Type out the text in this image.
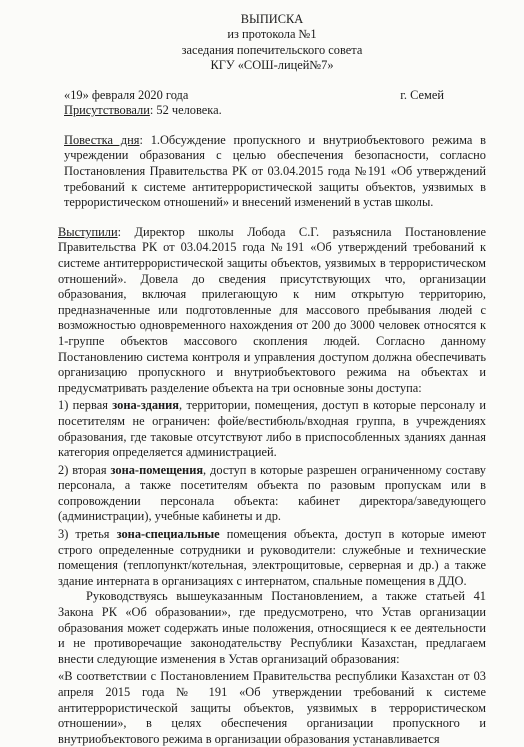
ВЫПИСКА
из протокола №1
заседания попечительского совета
КГУ «СОШ-лицей№7»
«19» февраля 2020 года	г. Семей
Присутствовали: 52 человека.
Повестка дня: 1.Обсуждение пропускного и внутриобъектового режима в учреждении образования с целью обеспечения безопасности, согласно Постановления Правительства РК от 03.04.2015 года №191 «Об утверждений требований к системе антитеррористической защиты объектов, уязвимых в террористическом отношений» и внесений изменений в устав школы.

Выступили: Директор школы Лобода С.Г. разъяснила Постановление Правительства РК от 03.04.2015 года №191 «Об утверждений требований к системе антитеррористической защиты объектов, уязвимых в террористическом отношений». Довела до сведения присутствующих что, организации образования, включая прилегающую к ним открытую территорию, предназначенные или подготовленные для массового пребывания людей с возможностью одновременного нахождения от 200 до 3000 человек относятся к 1-группе объектов массового скопления людей. Согласно данному Постановлению система контроля и управления доступом должна обеспечивать организацию пропускного и внутриобъектового режима на объектах и предусматривать разделение объекта на три основные зоны доступа:

1) первая зона-здания, территории, помещения, доступ в которые персоналу и посетителям не ограничен: фойе/вестибюль/входная группа, в учреждениях образования, где таковые отсутствуют либо в приспособленных зданиях данная категория определяется администрацией.

2) вторая зона-помещения, доступ в которые разрешен ограниченному составу персонала, а также посетителям объекта по разовым пропускам или в сопровождении персонала объекта: кабинет директора/заведующего (администрации), учебные кабинеты и др.

3) третья зона-специальные помещения объекта, доступ в которые имеют строго определенные сотрудники и руководители: служебные и технические помещения (теплопункт/котельная, электрощитовые, серверная и др.) а также здание интерната в организациях с интернатом, спальные помещения в ДДО.

Руководствуясь вышеуказанным Постановлением, а также статьей 41 Закона РК «Об образовании», где предусмотрено, что Устав организации образования может содержать иные положения, относящиеся к ее деятельности и не противоречащие законодательству Республики Казахстан, предлагаем внести следующие изменения в Устав организаций образования:

«В соответствии с Постановлением Правительства республики Казахстан от 03 апреля 2015 года № 191 «Об утверждении требований к системе антитеррористической защиты объектов, уязвимых в террористическом отношении», в целях обеспечения организации пропускного и внутриобъектового режима в организации образования устанавливается
